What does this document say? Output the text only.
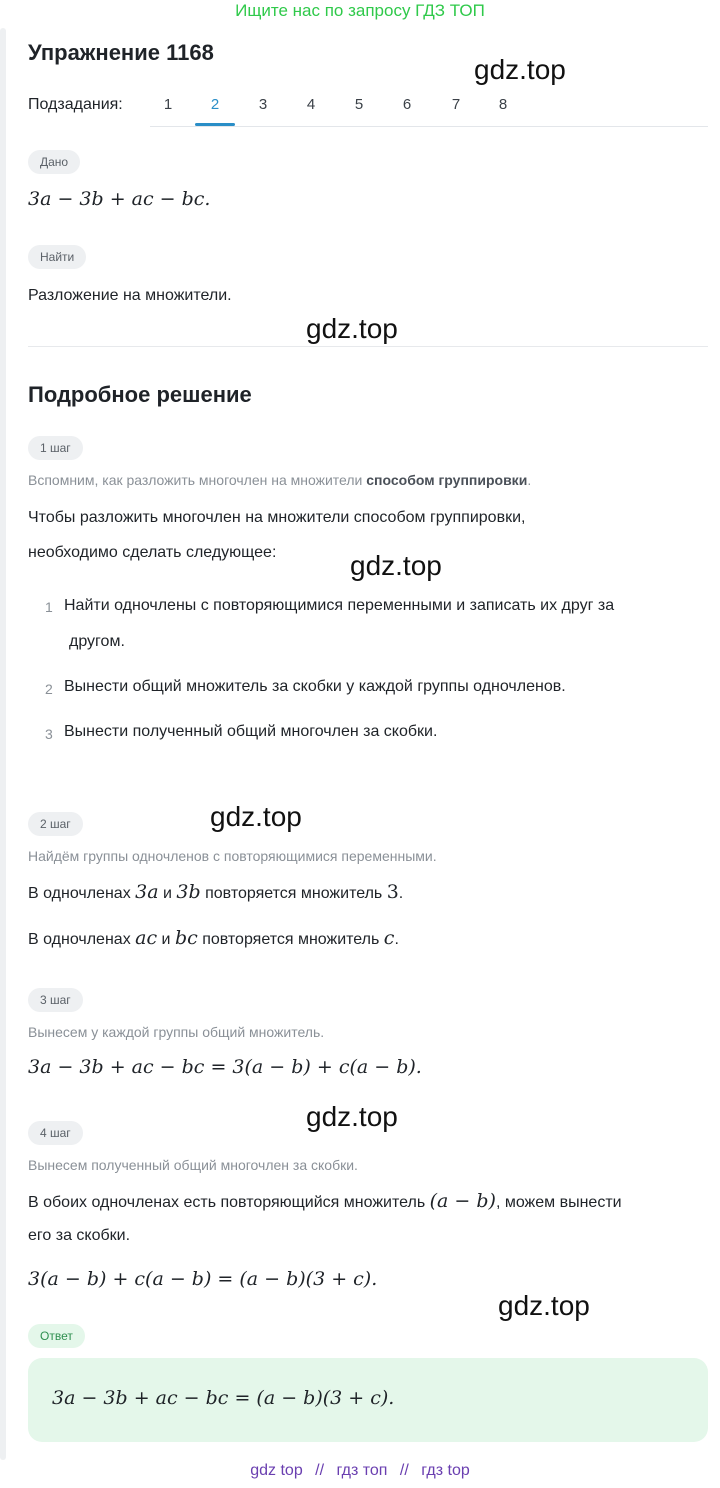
Ищите нас по запросу ГДЗ ТОП
Упражнение 1168
gdz.top
Подзадания:	1	2	3	4	5	6	7	8
Дано
3a − 3b + ac − bc.
Найти
Разложение на множители.
gdz.top
Подробное решение
1 шаг
Вспомним, как разложить многочлен на множители способом группировки.
Чтобы разложить многочлен на множители способом группировки,
необходимо сделать следующее:	gdz.top
1 Найти одночлены с повторяющимися переменными и записать их друг за
другом.
2 Вынести общий множитель за скобки у каждой группы одночленов.
3 Вынести полученный общий многочлен за скобки.
2 шаг	gdz.top
Найдём группы одночленов с повторяющимися переменными.
В одночленах 3a и 3b повторяется множитель 3.
В одночленах ac и bc повторяется множитель c.
3 шаг
Вынесем у каждой группы общий множитель.
3a − 3b + ac − bc = 3(a − b) + c(a − b).
gdz.top
4 шаг
Вынесем полученный общий многочлен за скобки.
В обоих одночленах есть повторяющийся множитель (a − b), можем вынести
его за скобки.
3(a − b) + c(a − b) = (a − b)(3 + c).
gdz.top
Ответ
3a − 3b + ac − bc = (a − b)(3 + c).
gdz top // гдз топ // гдз top
